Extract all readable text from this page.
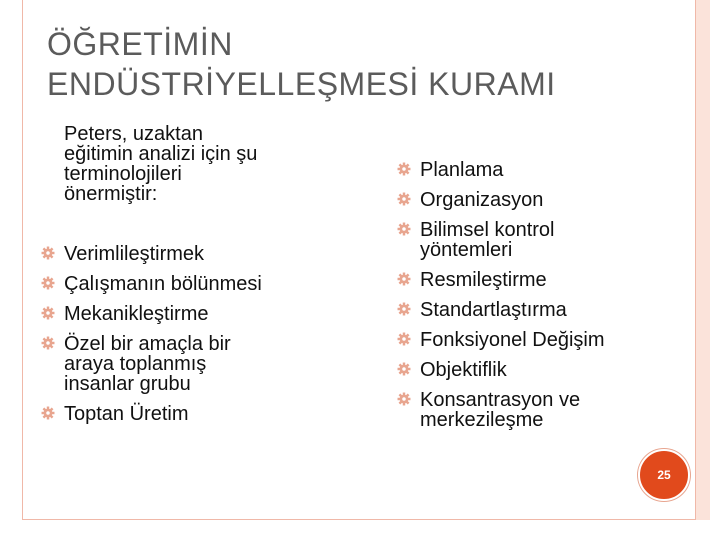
ÖĞRETİMİN
ENDÜSTRİYELLEŞMESİ KURAMI
Peters, uzaktan
eğitimin analizi için şu
terminolojileri
önermiştir:
Verimlileştirmek
Çalışmanın bölünmesi
Mekanikleştirme
Özel bir amaçla bir
araya toplanmış
insanlar grubu
Toptan Üretim
Planlama
Organizasyon
Bilimsel kontrol
yöntemleri
Resmileştirme
Standartlaştırma
Fonksiyonel Değişim
Objektiflik
Konsantrasyon ve
merkezileşme
25
